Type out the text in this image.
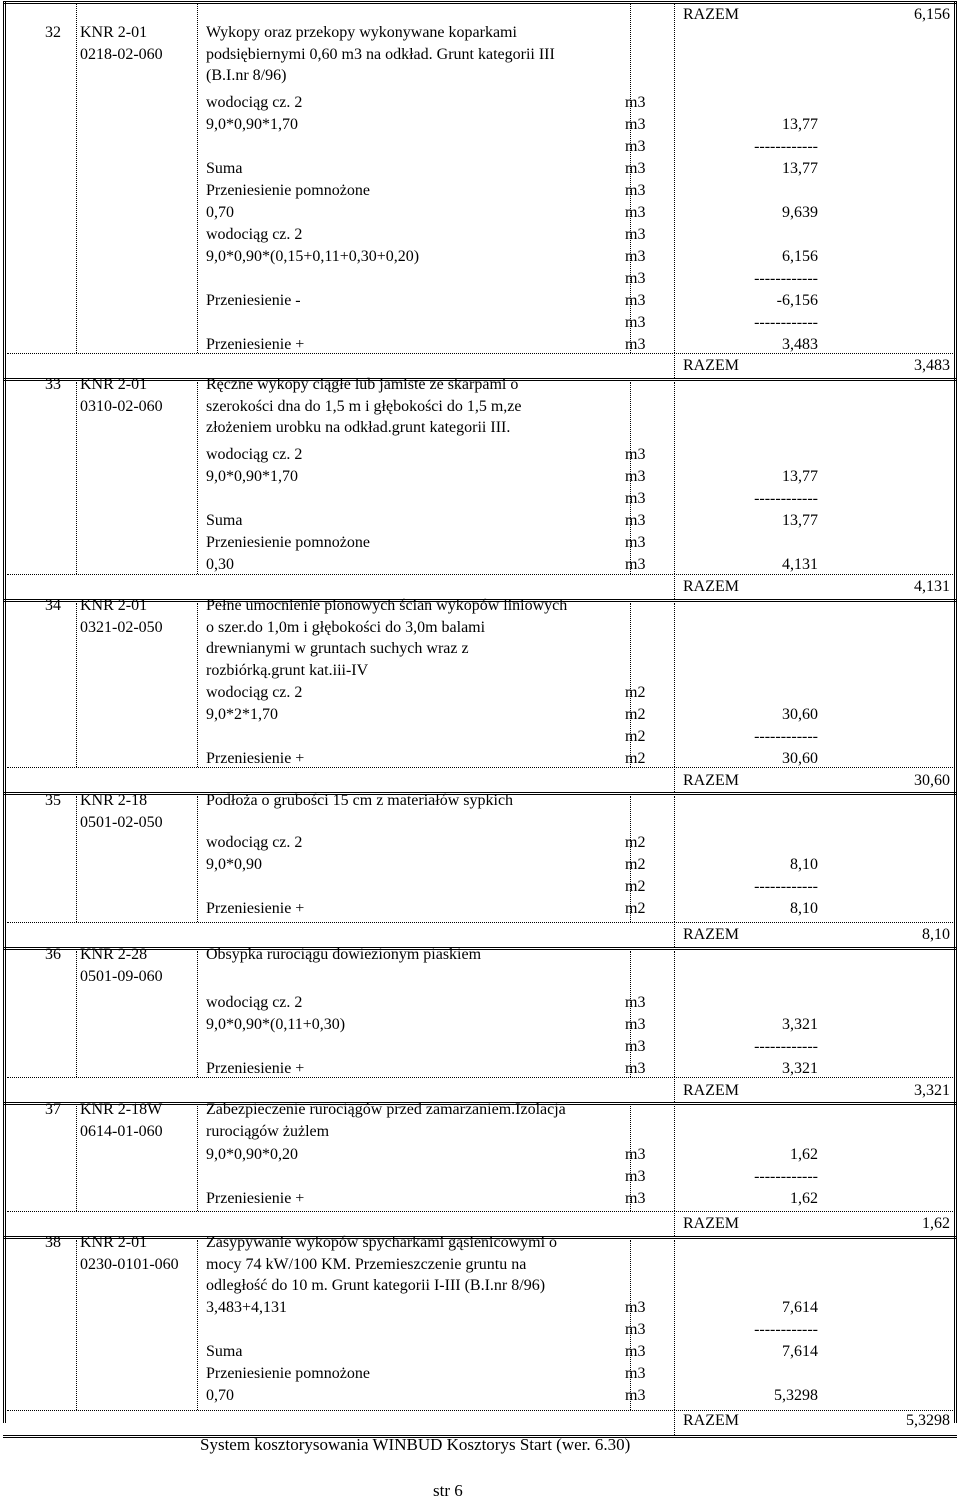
RAZEM	6,156
System kosztorysowania WINBUD Kosztorys Start (wer. 6.30)
str 6
32 KNR 2-01
0218-02-060
Wykopy oraz przekopy wykonywane koparkami
podsiębiernymi 0,60 m3 na odkład. Grunt kategorii III
(B.I.nr 8/96)
wodociąg cz. 2	m3
9,0*0,90*1,70	m3	13,77
m3	------------
Suma	m3	13,77
Przeniesienie pomnożone	m3
0,70	m3	9,639
wodociąg cz. 2	m3
9,0*0,90*(0,15+0,11+0,30+0,20)	m3	6,156
m3	------------
Przeniesienie -	m3	-6,156
m3	------------
Przeniesienie +	m3	3,483
RAZEM	3,483
33 KNR 2-01
0310-02-060
Ręczne wykopy ciągłe lub jamiste ze skarpami o
szerokości dna do 1,5 m i głębokości do 1,5 m,ze
złożeniem urobku na odkład.grunt kategorii III.
wodociąg cz. 2	m3
9,0*0,90*1,70	m3	13,77
m3	------------
Suma	m3	13,77
Przeniesienie pomnożone	m3
0,30	m3	4,131
RAZEM	4,131
34 KNR 2-01
0321-02-050
Pełne umocnienie pionowych ścian wykopów liniowych
o szer.do 1,0m i głębokości do 3,0m balami
drewnianymi w gruntach suchych wraz z
rozbiórką.grunt kat.iii-IV
wodociąg cz. 2	m2
9,0*2*1,70	m2	30,60
m2	------------
Przeniesienie +	m2	30,60
RAZEM	30,60
35 KNR 2-18
0501-02-050
Podłoża o grubości 15 cm z materiałów sypkich
wodociąg cz. 2	m2
9,0*0,90	m2	8,10
m2	------------
Przeniesienie +	m2	8,10
RAZEM	8,10
36 KNR 2-28
0501-09-060
Obsypka rurociągu dowiezionym piaskiem
wodociąg cz. 2	m3
9,0*0,90*(0,11+0,30)	m3	3,321
m3	------------
Przeniesienie +	m3	3,321
RAZEM	3,321
37 KNR 2-18W
0614-01-060
Zabezpieczenie rurociągów przed zamarzaniem.Izolacja
rurociągów żużlem
9,0*0,90*0,20	m3	1,62
m3	------------
Przeniesienie +	m3	1,62
RAZEM	1,62
38 KNR 2-01
0230-0101-060
Zasypywanie wykopów spycharkami gąsienicowymi o
mocy 74 kW/100 KM. Przemieszczenie gruntu na
odległość do 10 m. Grunt kategorii I-III (B.I.nr 8/96)
3,483+4,131	m3	7,614
m3	------------
Suma	m3	7,614
Przeniesienie pomnożone	m3
0,70	m3	5,3298
RAZEM	5,3298
